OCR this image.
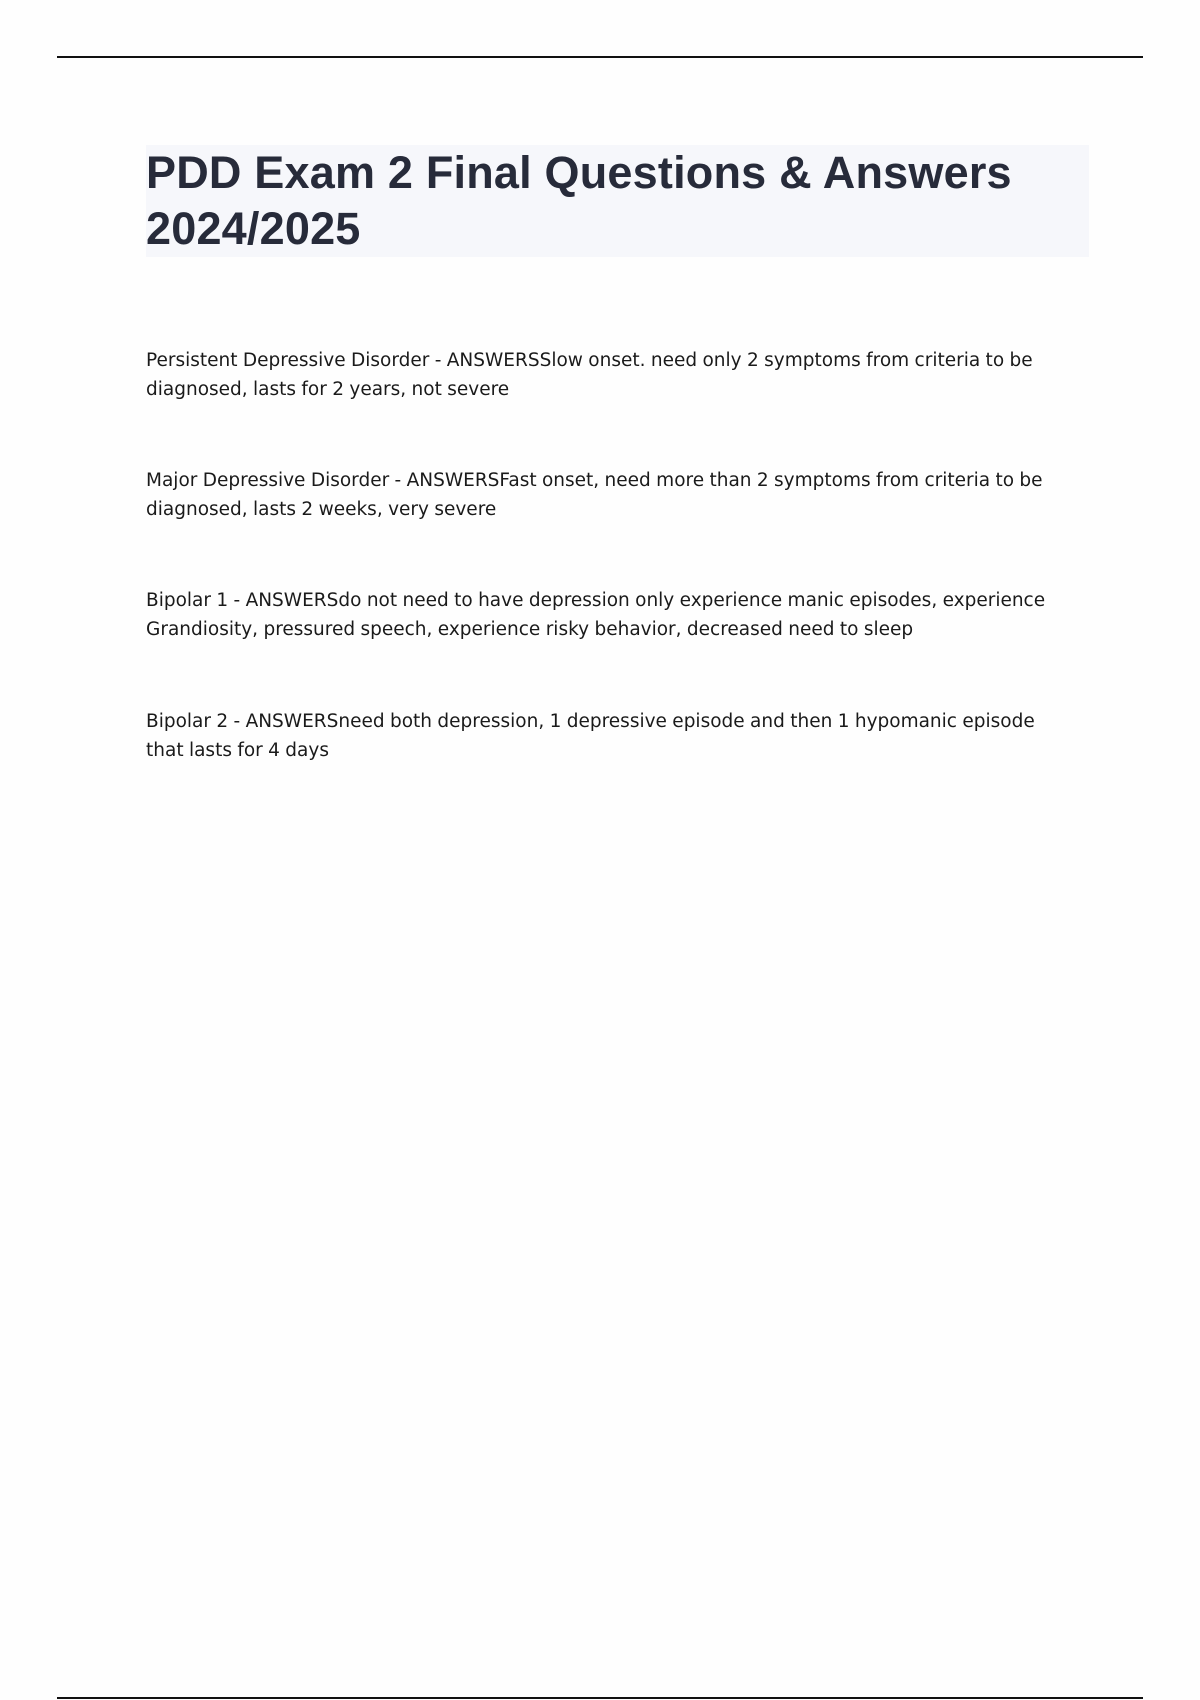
PDD Exam 2 Final Questions & Answers 2024/2025

Persistent Depressive Disorder - ANSWERSSlow onset. need only 2 symptoms from criteria to be diagnosed, lasts for 2 years, not severe

Major Depressive Disorder - ANSWERSFast onset, need more than 2 symptoms from criteria to be diagnosed, lasts 2 weeks, very severe

Bipolar 1 - ANSWERSdo not need to have depression only experience manic episodes, experience Grandiosity, pressured speech, experience risky behavior, decreased need to sleep

Bipolar 2 - ANSWERSneed both depression, 1 depressive episode and then 1 hypomanic episode that lasts for 4 days
